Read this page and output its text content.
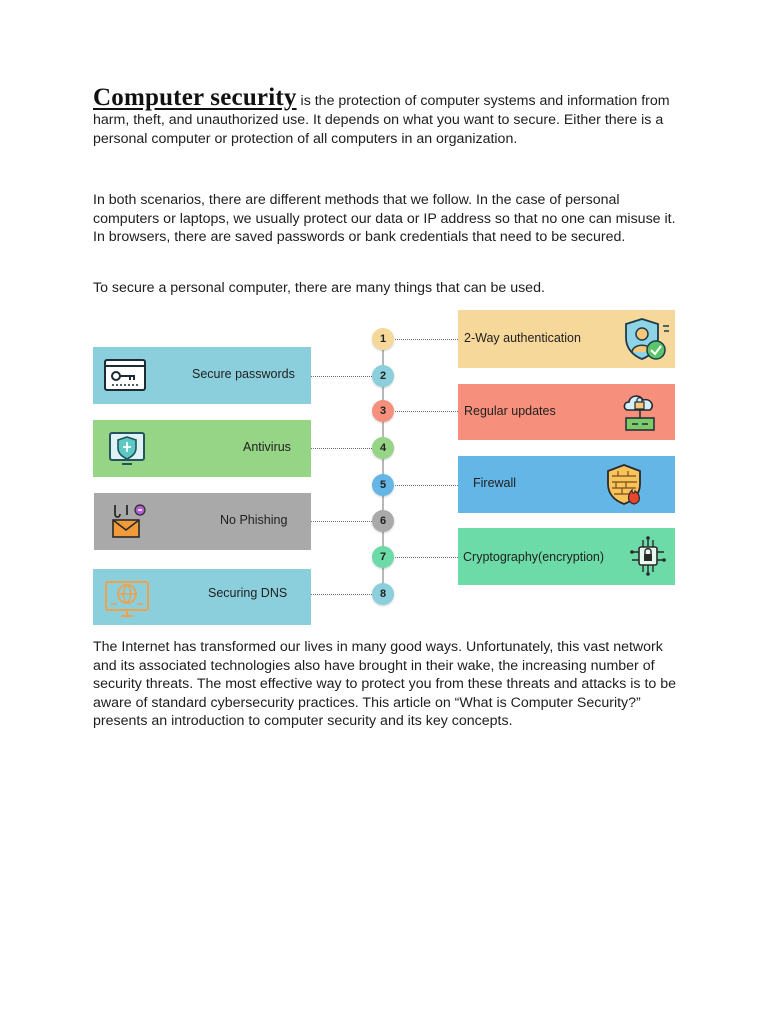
Computer security is the protection of computer systems and information from harm, theft, and unauthorized use. It depends on what you want to secure. Either there is a personal computer or protection of all computers in an organization.

In both scenarios, there are different methods that we follow. In the case of personal computers or laptops, we usually protect our data or IP address so that no one can misuse it. In browsers, there are saved passwords or bank credentials that need to be secured.

To secure a personal computer, there are many things that can be used.

1	2-Way authentication
2
Secure passwords
3	Regular updates
4
Antivirus
5	Firewall
6
No Phishing
7	Cryptography(encryption)
8
Securing DNS

The Internet has transformed our lives in many good ways. Unfortunately, this vast network and its associated technologies also have brought in their wake, the increasing number of security threats. The most effective way to protect you from these threats and attacks is to be aware of standard cybersecurity practices. This article on “What is Computer Security?” presents an introduction to computer security and its key concepts.
